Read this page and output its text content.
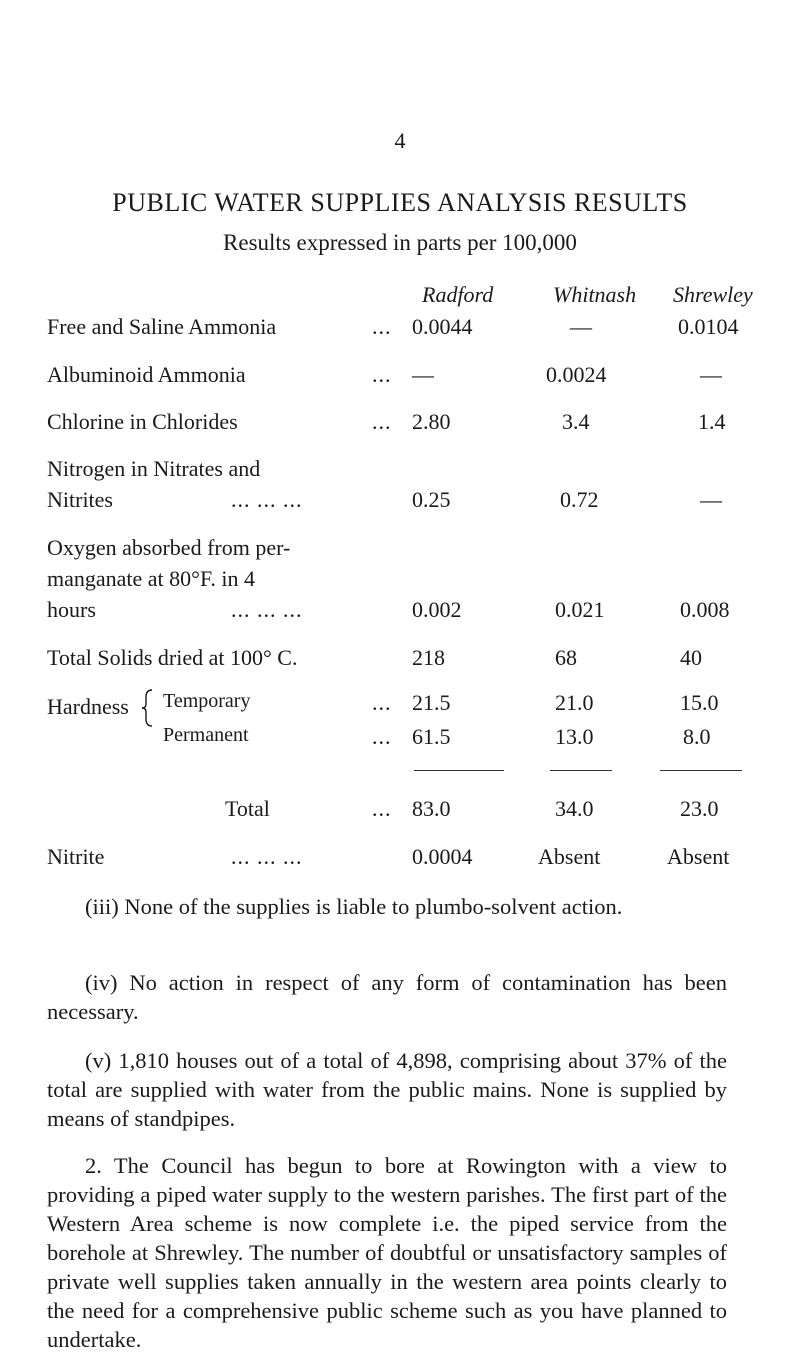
4
PUBLIC WATER SUPPLIES ANALYSIS RESULTS
Results expressed in parts per 100,000
Radford	Whitnash Shrewley
Free and Saline Ammonia	... 0.0044	—	0.0104
Albuminoid Ammonia	... —	0.0024	—
Chlorine in Chlorides	... 2.80	3.4	1.4
Nitrogen in Nitrates and
Nitrites	... ... ...	0.25	0.72	—
Oxygen absorbed from per-
manganate at 80°F. in 4
hours	... ... ...	0.002	0.021	0.008
Total Solids dried at 100° C.	218	68	40
Hardness Temporary	... 21.5	21.0	15.0
Permanent	... 61.5	13.0	8.0
Total	... 83.0	34.0	23.0
Nitrite	... ... ...	0.0004	Absent	Absent
(iii) None of the supplies is liable to plumbo-solvent action.
(iv) No action in respect of any form of contamination has been necessary.
(v) 1,810 houses out of a total of 4,898, comprising about 37% of the total are supplied with water from the public mains. None is supplied by means of standpipes.
2. The Council has begun to bore at Rowington with a view to providing a piped water supply to the western parishes. The first part of the Western Area scheme is now complete i.e. the piped service from the borehole at Shrewley. The number of doubtful or unsatisfactory samples of private well supplies taken annually in the western area points clearly to the need for a comprehensive public scheme such as you have planned to undertake.
